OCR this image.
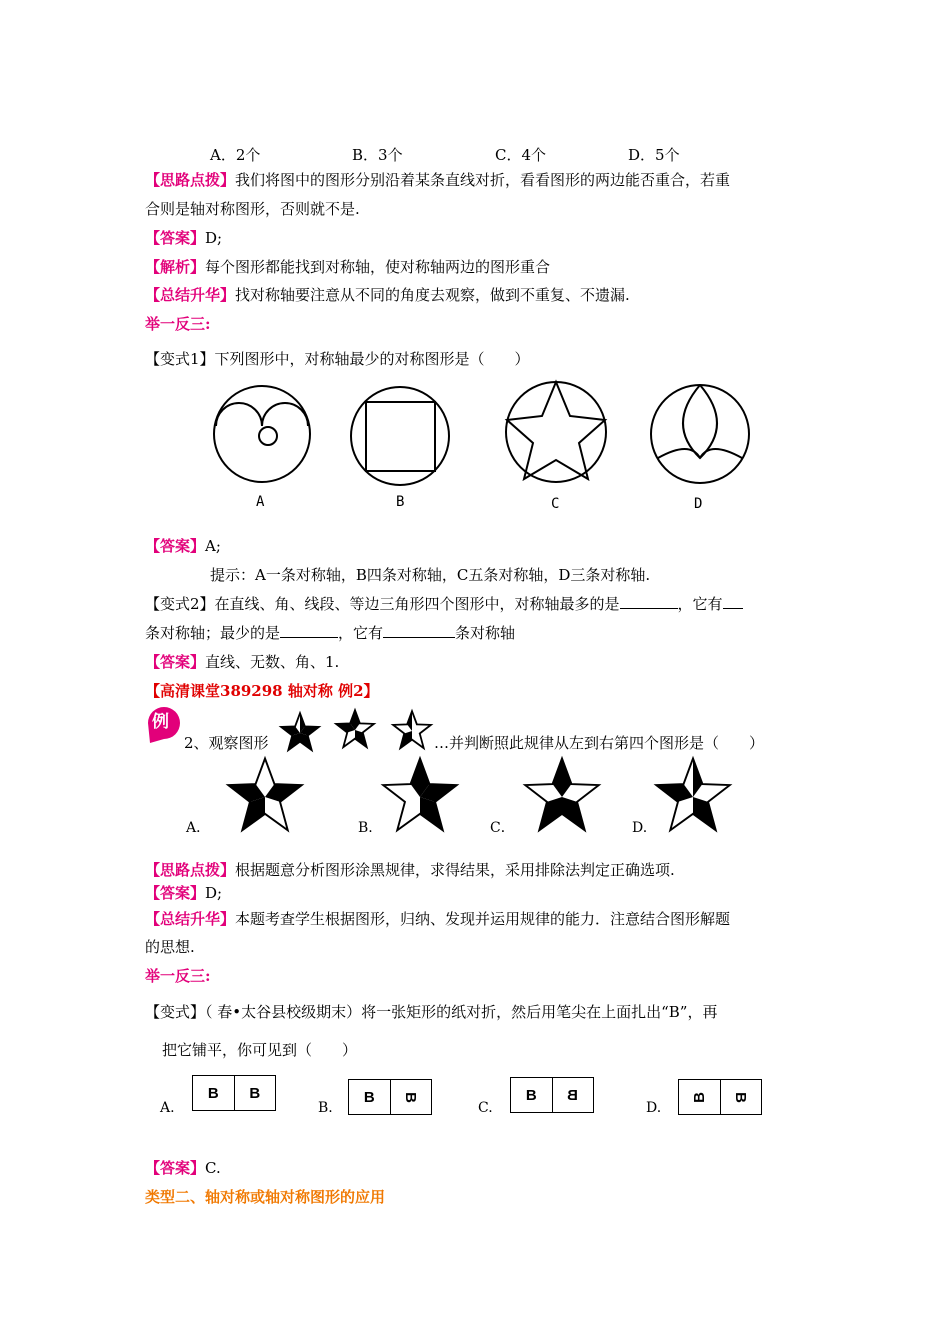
A．2个	B．3个	C．4个	D．5个
【思路点拨】我们将图中的图形分别沿着某条直线对折，看看图形的两边能否重合，若重
合则是轴对称图形，否则就不是.
【答案】D;
【解析】每个图形都能找到对称轴，使对称轴两边的图形重合
【总结升华】找对称轴要注意从不同的角度去观察，做到不重复、不遗漏.
举一反三:
【变式1】下列图形中，对称轴最少的对称图形是（　　）
A	B	C	D
【答案】A;
提示：A一条对称轴，B四条对称轴，C五条对称轴，D三条对称轴.
【变式2】在直线、角、线段、等边三角形四个图形中，对称轴最多的是	，它有
条对称轴；最少的是	，它有	条对称轴
【答案】直线、无数、角、1.
【高清课堂389298 轴对称 例2】
例
2、观察图形	…并判断照此规律从左到右第四个图形是（　　）
A．	B.	C．	D.
【思路点拨】根据题意分析图形涂黑规律，求得结果，采用排除法判定正确选项.
【答案】D;
【总结升华】本题考查学生根据图形，归纳、发现并运用规律的能力．注意结合图形解题
的思想.
举一反三:
【变式】（ 春•太谷县校级期末）将一张矩形的纸对折，然后用笔尖在上面扎出“B”，再
把它铺平，你可见到（　　）
A.
B B
B.
B B
C.
B B
D.
B B
【答案】C.
类型二、轴对称或轴对称图形的应用
